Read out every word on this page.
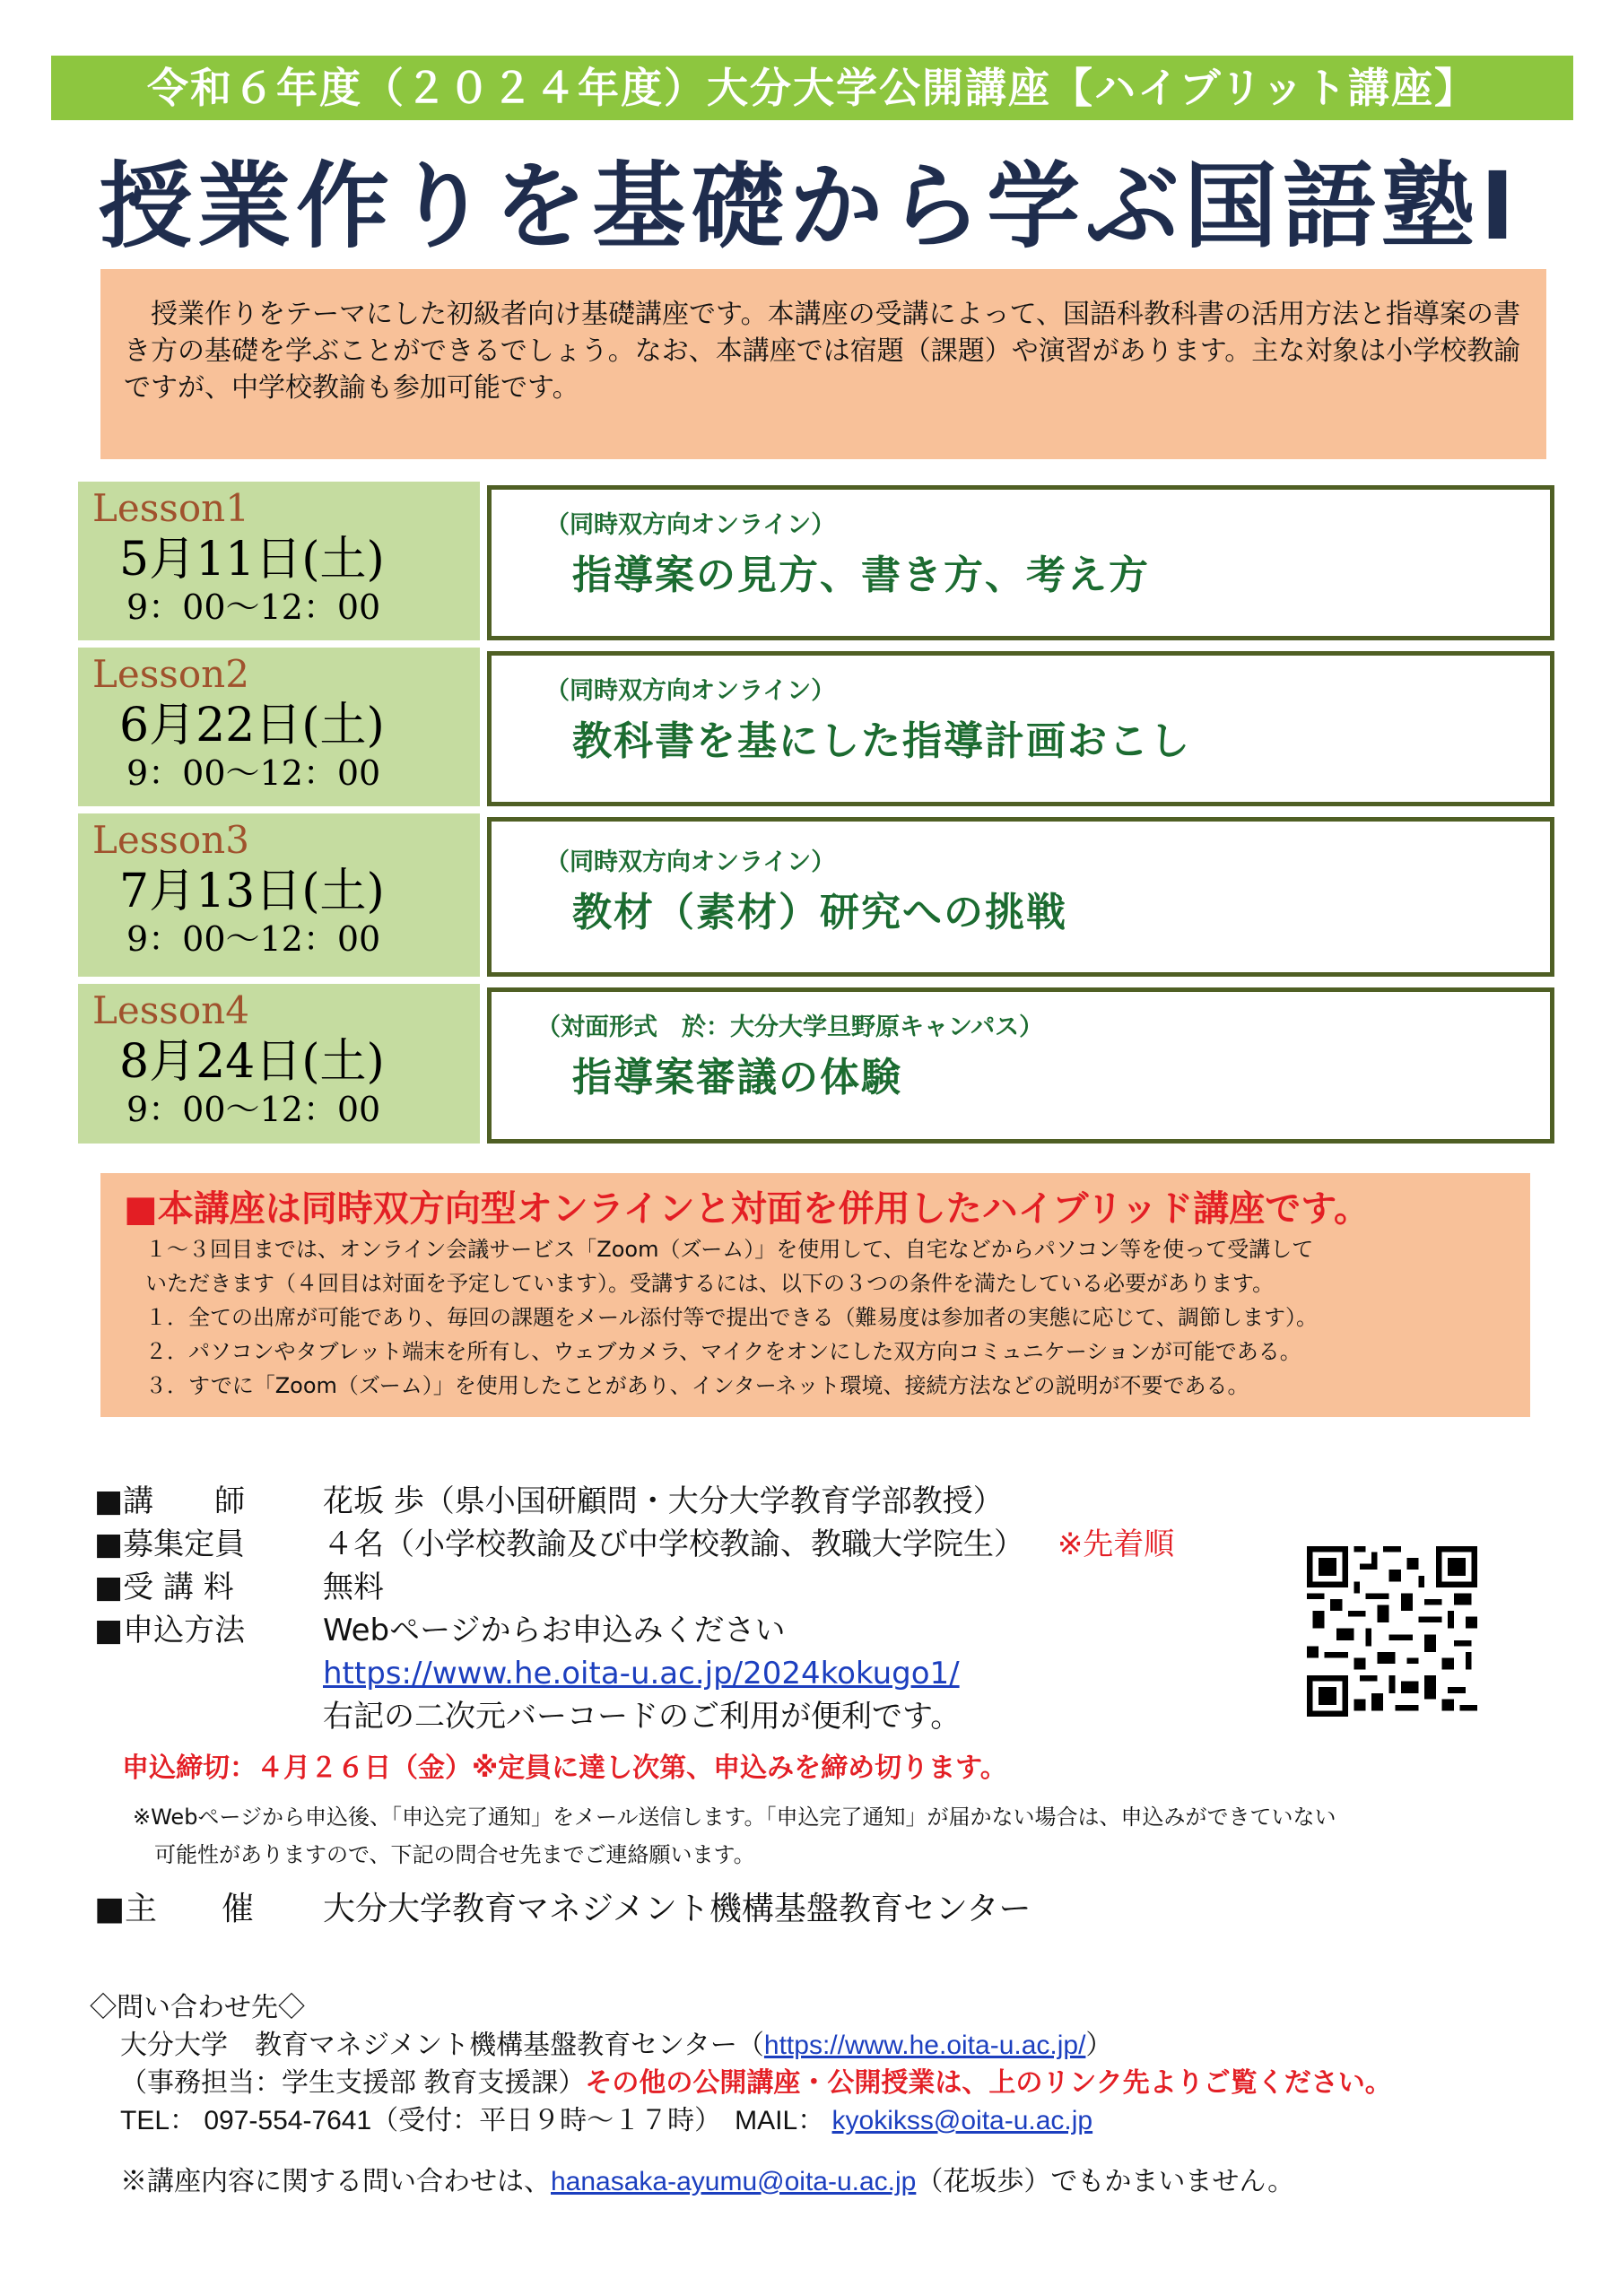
令和６年度（２０２４年度）大分大学公開講座【ハイブリット講座】
授業作りを基礎から学ぶ国語塾Ⅰ
　授業作りをテーマにした初級者向け基礎講座です。本講座の受講によって、国語科教科書の活用方法と指導案の書き方の基礎を学ぶことができるでしょう。なお、本講座では宿題（課題）や演習があります。主な対象は小学校教諭ですが、中学校教諭も参加可能です。
Lesson1
5月11日(土)
9：00～12：00
（同時双方向オンライン）
指導案の見方、書き方、考え方
Lesson2
6月22日(土)
9：00～12：00
（同時双方向オンライン）
教科書を基にした指導計画おこし
Lesson3
7月13日(土)
9：00～12：00
（同時双方向オンライン）
教材（素材）研究への挑戦
Lesson4
8月24日(土)
9：00～12：00
（対面形式　於：大分大学旦野原キャンパス）
指導案審議の体験
■本講座は同時双方向型オンラインと対面を併用したハイブリッド講座です。
　１～３回目までは、オンライン会議サービス「Zoom（ズーム）」を使用して、自宅などからパソコン等を使って受講して
　いただきます（４回目は対面を予定しています）。受講するには、以下の３つの条件を満たしている必要があります。
　１．全ての出席が可能であり、毎回の課題をメール添付等で提出できる（難易度は参加者の実態に応じて、調節します）。
　２．パソコンやタブレット端末を所有し、ウェブカメラ、マイクをオンにした双方向コミュニケーションが可能である。
　３．すでに「Zoom（ズーム）」を使用したことがあり、インターネット環境、接続方法などの説明が不要である。
■講　　師	花坂 歩（県小国研顧問・大分大学教育学部教授）
■募集定員	４名（小学校教諭及び中学校教諭、教職大学院生） ※先着順
■受 講 料	無料
■申込方法	Webページからお申込みください
https://www.he.oita-u.ac.jp/2024kokugo1/
右記の二次元バーコードのご利用が便利です。
申込締切：４月２６日（金）※定員に達し次第、申込みを締め切ります。
※Webページから申込後、「申込完了通知」をメール送信します。「申込完了通知」が届かない場合は、申込みができていない
　可能性がありますので、下記の問合せ先までご連絡願います。
■主　　催 大分大学教育マネジメント機構基盤教育センター
◇問い合わせ先◇
大分大学　教育マネジメント機構基盤教育センター（https://www.he.oita-u.ac.jp/）
（事務担当：学生支援部 教育支援課）その他の公開講座・公開授業は、上のリンク先よりご覧ください。
TEL： 097-554-7641（受付：平日９時～１７時）　MAIL： kyokikss@oita-u.ac.jp
※講座内容に関する問い合わせは、hanasaka-ayumu@oita-u.ac.jp（花坂歩）でもかまいません。
